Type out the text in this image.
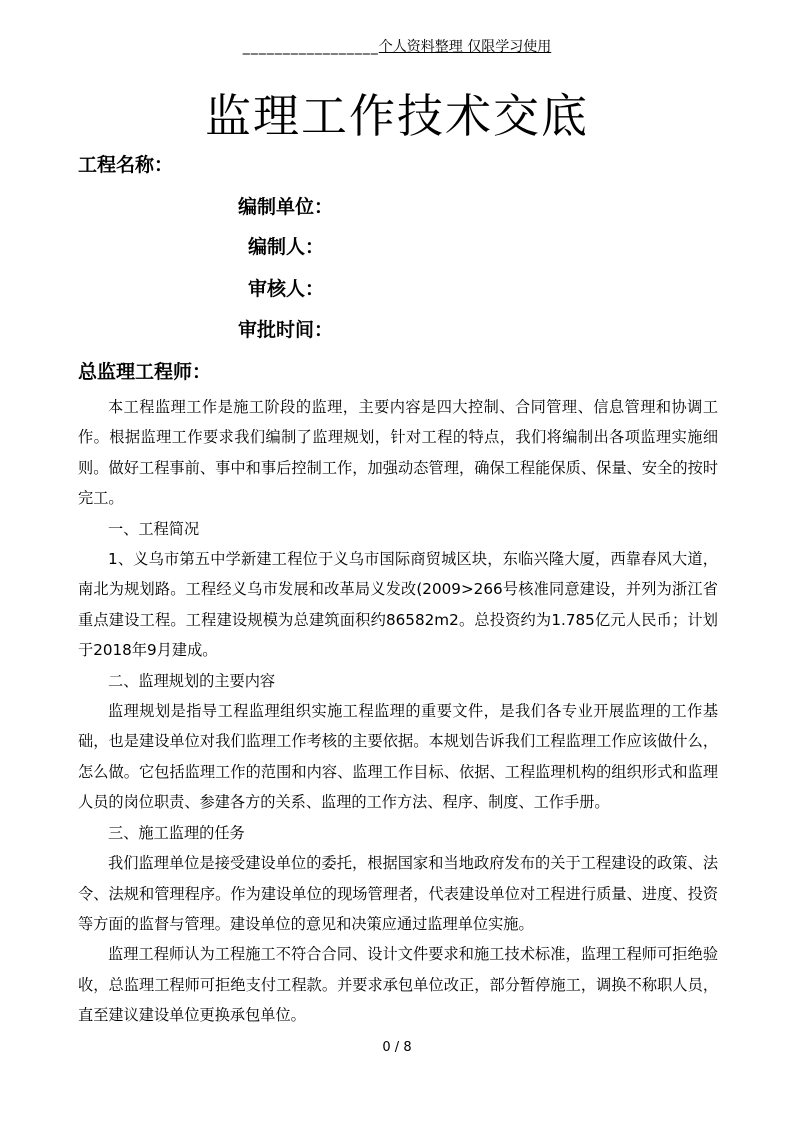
_________________个人资料整理 仅限学习使用
监理工作技术交底
工程名称：
编制单位：
编制人：
审核人：
审批时间：
总监理工程师：

本工程监理工作是施工阶段的监理，主要内容是四大控制、合同管理、信息管理和协调工作。根据监理工作要求我们编制了监理规划，针对工程的特点，我们将编制出各项监理实施细则。做好工程事前、事中和事后控制工作，加强动态管理，确保工程能保质、保量、安全的按时完工。

一、工程简况

1、义乌市第五中学新建工程位于义乌市国际商贸城区块，东临兴隆大厦，西靠春风大道，南北为规划路。工程经义乌市发展和改革局义发改(2009>266号核准同意建设，并列为浙江省重点建设工程。工程建设规模为总建筑面积约86582m2。总投资约为1.785亿元人民币；计划于2018年9月建成。

二、监理规划的主要内容

监理规划是指导工程监理组织实施工程监理的重要文件，是我们各专业开展监理的工作基础，也是建设单位对我们监理工作考核的主要依据。本规划告诉我们工程监理工作应该做什么，怎么做。它包括监理工作的范围和内容、监理工作目标、依据、工程监理机构的组织形式和监理人员的岗位职责、参建各方的关系、监理的工作方法、程序、制度、工作手册。

三、施工监理的任务

我们监理单位是接受建设单位的委托，根据国家和当地政府发布的关于工程建设的政策、法令、法规和管理程序。作为建设单位的现场管理者，代表建设单位对工程进行质量、进度、投资等方面的监督与管理。建设单位的意见和决策应通过监理单位实施。

监理工程师认为工程施工不符合合同、设计文件要求和施工技术标准，监理工程师可拒绝验收，总监理工程师可拒绝支付工程款。并要求承包单位改正，部分暂停施工，调换不称职人员，直至建议建设单位更换承包单位。

0 / 8
